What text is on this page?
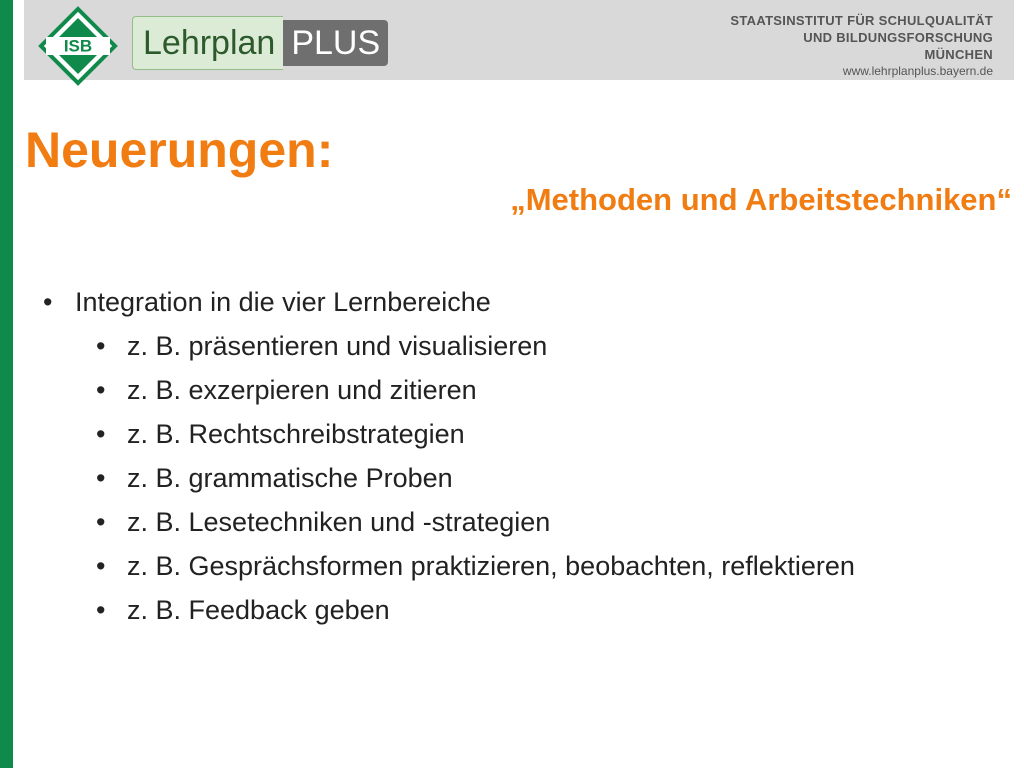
ISB	Lehrplan PLUS
STAATSINSTITUT FÜR SCHULQUALITÄT
UND BILDUNGSFORSCHUNG
MÜNCHEN
www.lehrplanplus.bayern.de
Neuerungen:
„Methoden und Arbeitstechniken“
• Integration in die vier Lernbereiche
• z. B. präsentieren und visualisieren
• z. B. exzerpieren und zitieren
• z. B. Rechtschreibstrategien
• z. B. grammatische Proben
• z. B. Lesetechniken und -strategien
• z. B. Gesprächsformen praktizieren, beobachten, reflektieren
• z. B. Feedback geben
